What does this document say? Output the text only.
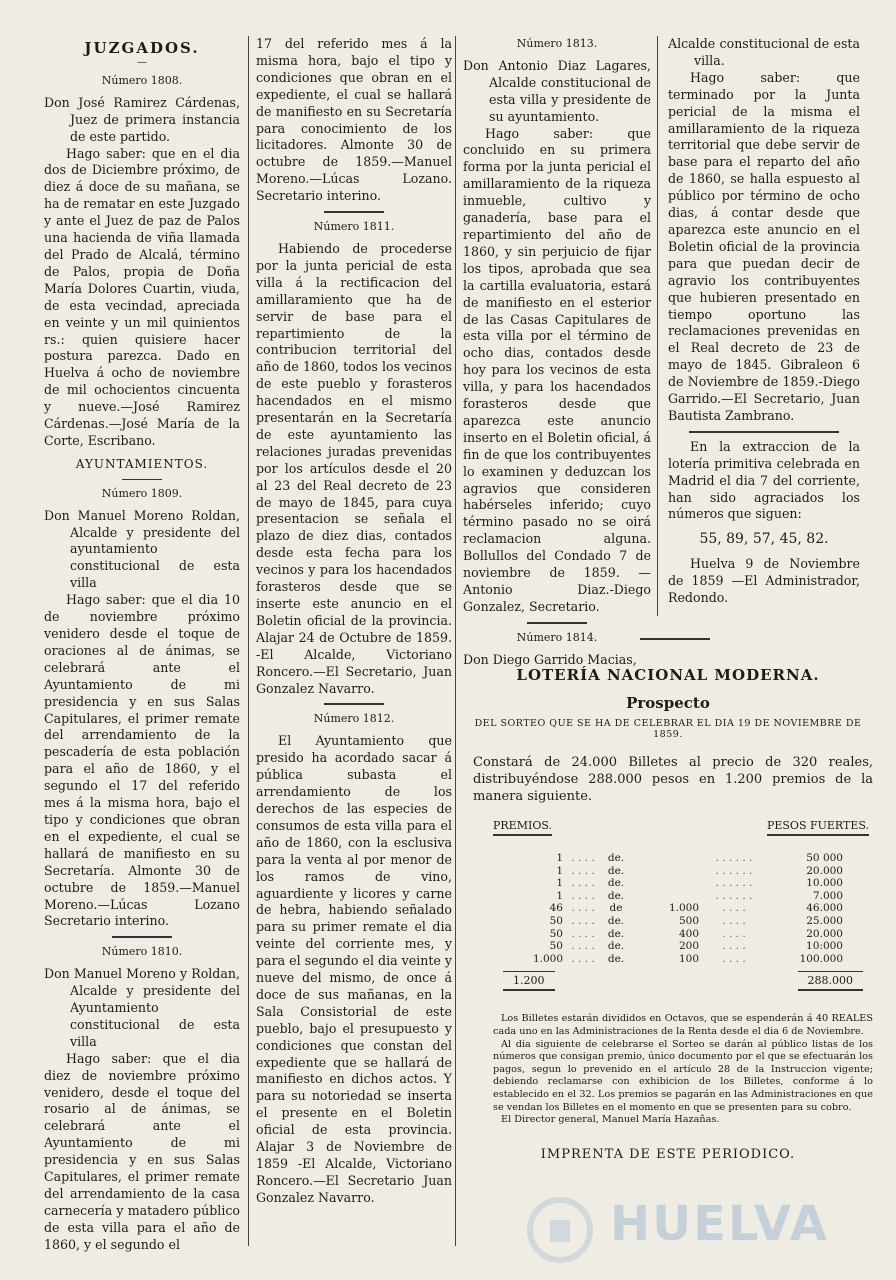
JUZGADOS.
—
Número 1808.

Don José Ramirez Cárdenas, Juez de primera instancia de este partido.

Hago saber: que en el dia dos de Diciembre próximo, de diez á doce de su mañana, se ha de rematar en este Juzgado y ante el Juez de paz de Palos una hacienda de viña llamada del Prado de Alcalá, término de Palos, propia de Doña María Dolores Cuartin, viuda, de esta vecindad, apreciada en veinte y un mil quinientos rs.: quien quisiere hacer postura parezca. Dado en Huelva á ocho de noviembre de mil ochocientos cincuenta y nueve.—José Ramirez Cárdenas.—José María de la Corte, Escribano.

AYUNTAMIENTOS.
Número 1809.

Don Manuel Moreno Roldan, Alcalde y presidente del ayuntamiento constitucional de esta villa

Hago saber: que el dia 10 de noviembre próximo venidero desde el toque de oraciones al de ánimas, se celebrará ante el Ayuntamiento de mi presidencia y en sus Salas Capitulares, el primer remate del arrendamiento de la pescadería de esta población para el año de 1860, y el segundo el 17 del referido mes á la misma hora, bajo el tipo y condiciones que obran en el expediente, el cual se hallará de manifiesto en su Secretaría. Almonte 30 de octubre de 1859.—Manuel Moreno.—Lúcas Lozano Secretario interino.

Número 1810.

Don Manuel Moreno y Roldan, Alcalde y presidente del Ayuntamiento constitucional de esta villa

Hago saber: que el dia diez de noviembre próximo venidero, desde el toque del rosario al de ánimas, se celebrará ante el Ayuntamiento de mi presidencia y en sus Salas Capitulares, el primer remate del arrendamiento de la casa carnecería y matadero público de esta villa para el año de 1860, y el segundo el

17 del referido mes á la misma hora, bajo el tipo y condiciones que obran en el expediente, el cual se hallará de manifiesto en su Secretaría para conocimiento de los licitadores. Almonte 30 de octubre de 1859.—Manuel Moreno.—Lúcas Lozano. Secretario interino.

Número 1811.

Habiendo de procederse por la junta pericial de esta villa á la rectificacion del amillaramiento que ha de servir de base para el repartimiento de la contribucion territorial del año de 1860, todos los vecinos de este pueblo y forasteros hacendados en el mismo presentarán en la Secretaría de este ayuntamiento las relaciones juradas prevenidas por los artículos desde el 20 al 23 del Real decreto de 23 de mayo de 1845, para cuya presentacion se señala el plazo de diez dias, contados desde esta fecha para los vecinos y para los hacendados forasteros desde que se inserte este anuncio en el Boletin oficial de la provincia. Alajar 24 de Octubre de 1859. -El Alcalde, Victoriano Roncero.—El Secretario, Juan Gonzalez Navarro.

Número 1812.

El Ayuntamiento que presido ha acordado sacar á pública subasta el arrendamiento de los derechos de las especies de consumos de esta villa para el año de 1860, con la esclusiva para la venta al por menor de los ramos de vino, aguardiente y licores y carne de hebra, habiendo señalado para su primer remate el dia veinte del corriente mes, y para el segundo el dia veinte y nueve del mismo, de once á doce de sus mañanas, en la Sala Consistorial de este pueblo, bajo el presupuesto y condiciones que constan del expediente que se hallará de manifiesto en dichos actos. Y para su notoriedad se inserta el presente en el Boletin oficial de esta provincia. Alajar 3 de Noviembre de 1859 -El Alcalde, Victoriano Roncero.—El Secretario Juan Gonzalez Navarro.

Número 1813.

Don Antonio Diaz Lagares, Alcalde constitucional de esta villa y presidente de su ayuntamiento.

Hago saber: que concluido en su primera forma por la junta pericial el amillaramiento de la riqueza inmueble, cultivo y ganadería, base para el repartimiento del año de 1860, y sin perjuicio de fijar los tipos, aprobada que sea la cartilla evaluatoria, estará de manifiesto en el esterior de las Casas Capitulares de esta villa por el término de ocho dias, contados desde hoy para los vecinos de esta villa, y para los hacendados forasteros desde que aparezca este anuncio inserto en el Boletin oficial, á fin de que los contribuyentes lo examinen y deduzcan los agravios que consideren habérseles inferido; cuyo término pasado no se oirá reclamacion alguna. Bollullos del Condado 7 de noviembre de 1859. —Antonio Diaz.-Diego Gonzalez, Secretario.

Número 1814.

Don Diego Garrido Macias,

Alcalde constitucional de esta villa.

Hago saber: que terminado por la Junta pericial de la misma el amillaramiento de la riqueza territorial que debe servir de base para el reparto del año de 1860, se halla espuesto al público por término de ocho dias, á contar desde que aparezca este anuncio en el Boletin oficial de la provincia para que puedan decir de agravio los contribuyentes que hubieren presentado en tiempo oportuno las reclamaciones prevenidas en el Real decreto de 23 de mayo de 1845. Gibraleon 6 de Noviembre de 1859.-Diego Garrido.—El Secretario, Juan Bautista Zambrano.

En la extraccion de la lotería primitiva celebrada en Madrid el dia 7 del corriente, han sido agraciados los números que siguen:

55, 89, 57, 45, 82.

Huelva 9 de Noviembre de 1859 —El Administrador, Redondo.

LOTERÍA NACIONAL MODERNA.
Prospecto
DEL SORTEO QUE SE HA DE CELEBRAR EL DIA 19 DE NOVIEMBRE DE 1859.
Constará de 24.000 Billetes al precio de 320 reales, distribuyéndose 288.000 pesos en 1.200 premios de la manera siguiente.
PREMIOS.	PESOS FUERTES.
1 . . . .	de.	. . . . . .	50 000
1 . . . .	de.	. . . . . .	20.000
1 . . . .	de.	. . . . . .	10.000
1 . . . .	de.	. . . . . .	7.000
46 . . . .	de	1.000	. . . .	46.000
50 . . . .	de.	500	. . . .	25.000
50 . . . .	de.	400	. . . .	20.000
50 . . . .	de.	200	. . . .	10:000
1.000 . . . .	de.	100	. . . .	100.000
1.200	288.000

Los Billetes estarán divididos en Octavos, que se espenderán á 40 REALES cada uno en las Administraciones de la Renta desde el dia 6 de Noviembre.

Al dia siguiente de celebrarse el Sorteo se darán al público listas de los números que consigan premio, único documento por el que se efectuarán los pagos, segun lo prevenido en el artículo 28 de la Instruccion vigente; debiendo reclamarse con exhibicion de los Billetes, conforme á lo establecido en el 32. Los premios se pagarán en las Administraciones en que se vendan los Billetes en el momento en que se presenten para su cobro.

El Director general, Manuel María Hazañas.

IMPRENTA DE ESTE PERIODICO.
HUELVA
